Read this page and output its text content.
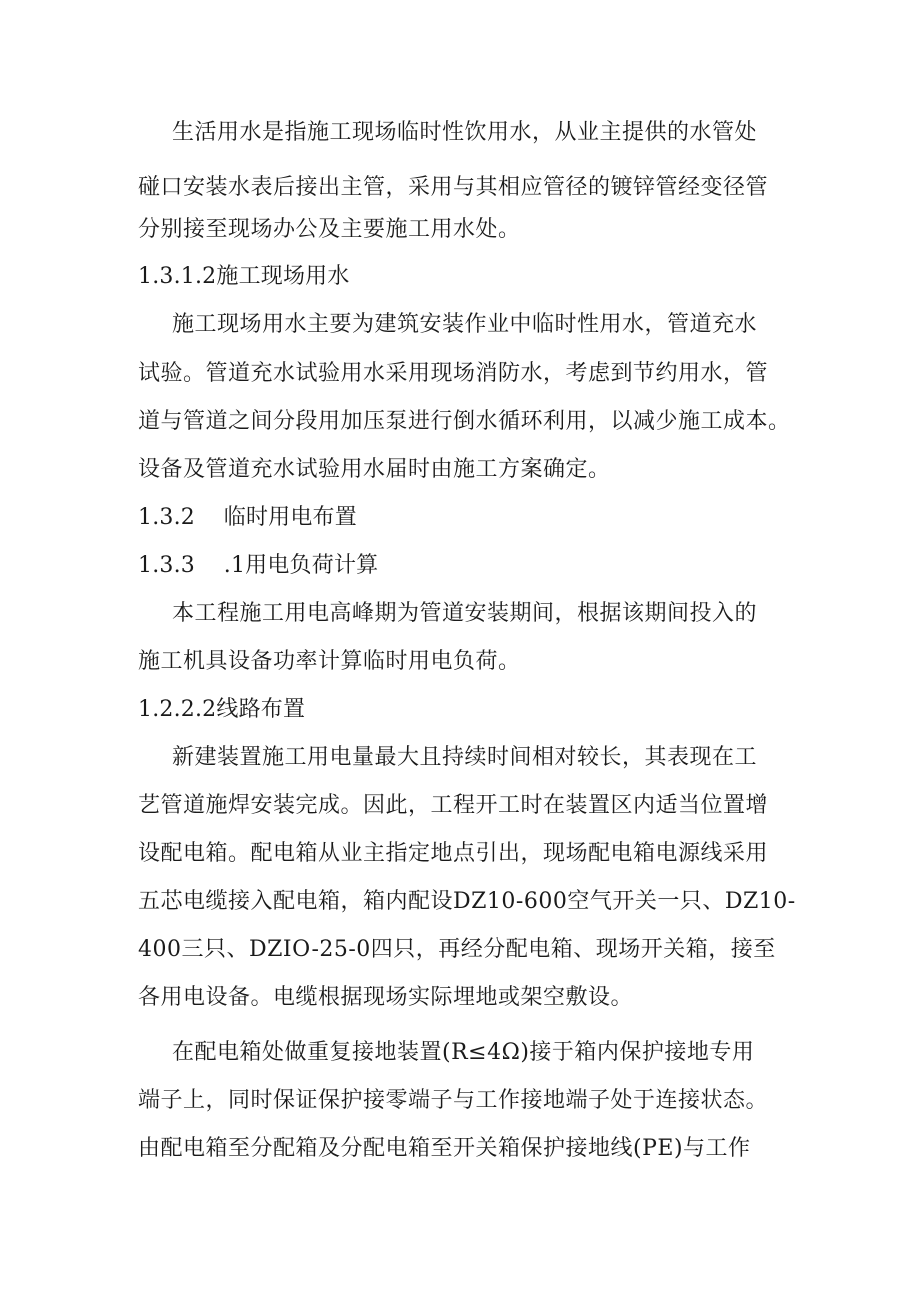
生活用水是指施工现场临时性饮用水，从业主提供的水管处
碰口安装水表后接出主管，采用与其相应管径的镀锌管经变径管
分别接至现场办公及主要施工用水处。
1.3.1.2施工现场用水
施工现场用水主要为建筑安装作业中临时性用水，管道充水
试验。管道充水试验用水采用现场消防水，考虑到节约用水，管
道与管道之间分段用加压泵进行倒水循环利用，以减少施工成本。
设备及管道充水试验用水届时由施工方案确定。
1.3.2    临时用电布置
1.3.3    .1用电负荷计算
本工程施工用电高峰期为管道安装期间，根据该期间投入的
施工机具设备功率计算临时用电负荷。
1.2.2.2线路布置
新建装置施工用电量最大且持续时间相对较长，其表现在工
艺管道施焊安装完成。因此，工程开工时在装置区内适当位置增
设配电箱。配电箱从业主指定地点引出，现场配电箱电源线采用
五芯电缆接入配电箱，箱内配设DZ10-600空气开关一只、DZ10-
400三只、DZIO-25-0四只，再经分配电箱、现场开关箱，接至
各用电设备。电缆根据现场实际埋地或架空敷设。
在配电箱处做重复接地装置(R≤4Ω)接于箱内保护接地专用
端子上，同时保证保护接零端子与工作接地端子处于连接状态。
由配电箱至分配箱及分配电箱至开关箱保护接地线(PE)与工作
